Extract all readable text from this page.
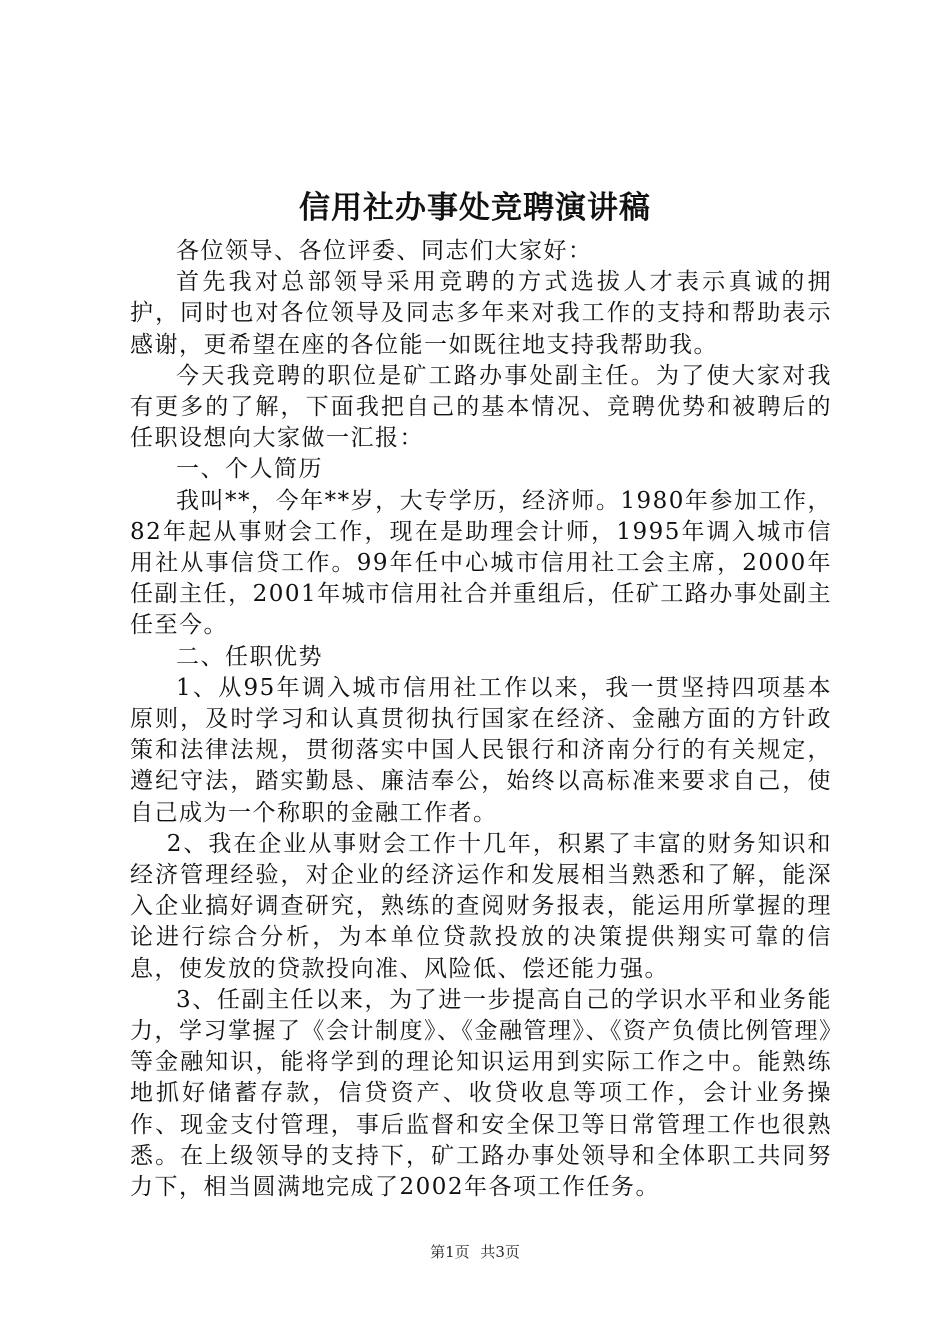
信用社办事处竞聘演讲稿

各位领导、各位评委、同志们大家好：

首先我对总部领导采用竞聘的方式选拔人才表示真诚的拥护，同时也对各位领导及同志多年来对我工作的支持和帮助表示感谢，更希望在座的各位能一如既往地支持我帮助我。

今天我竞聘的职位是矿工路办事处副主任。为了使大家对我有更多的了解，下面我把自己的基本情况、竞聘优势和被聘后的任职设想向大家做一汇报：

一、个人简历

我叫**，今年**岁，大专学历，经济师。1980年参加工作，82年起从事财会工作，现在是助理会计师，1995年调入城市信用社从事信贷工作。99年任中心城市信用社工会主席，2000年任副主任，2001年城市信用社合并重组后，任矿工路办事处副主任至今。

二、任职优势

1、从95年调入城市信用社工作以来，我一贯坚持四项基本原则，及时学习和认真贯彻执行国家在经济、金融方面的方针政策和法律法规，贯彻落实中国人民银行和济南分行的有关规定，遵纪守法，踏实勤恳、廉洁奉公，始终以高标准来要求自己，使自己成为一个称职的金融工作者。

2、我在企业从事财会工作十几年，积累了丰富的财务知识和经济管理经验，对企业的经济运作和发展相当熟悉和了解，能深入企业搞好调查研究，熟练的查阅财务报表，能运用所掌握的理论进行综合分析，为本单位贷款投放的决策提供翔实可靠的信息，使发放的贷款投向准、风险低、偿还能力强。

3、任副主任以来，为了进一步提高自己的学识水平和业务能力，学习掌握了《会计制度》、《金融管理》、《资产负债比例管理》等金融知识，能将学到的理论知识运用到实际工作之中。能熟练地抓好储蓄存款，信贷资产、收贷收息等项工作，会计业务操作、现金支付管理，事后监督和安全保卫等日常管理工作也很熟悉。在上级领导的支持下，矿工路办事处领导和全体职工共同努力下，相当圆满地完成了2002年各项工作任务。

第1页 共3页
